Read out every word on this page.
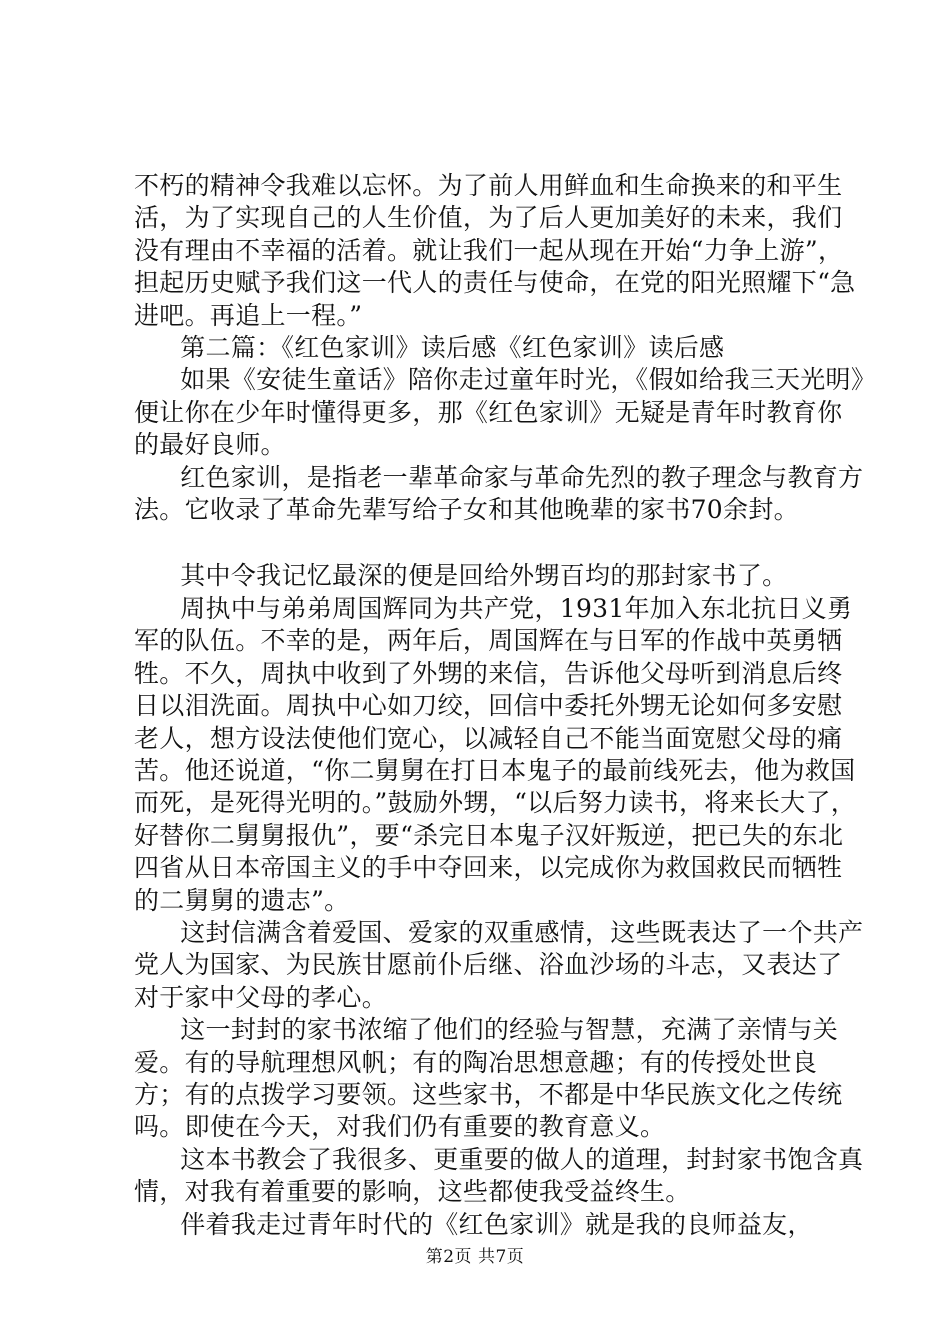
不朽的精神令我难以忘怀。为了前人用鲜血和生命换来的和平生活，为了实现自己的人生价值，为了后人更加美好的未来，我们没有理由不幸福的活着。就让我们一起从现在开始“力争上游”，担起历史赋予我们这一代人的责任与使命，在党的阳光照耀下“急进吧。再追上一程。”

第二篇：《红色家训》读后感《红色家训》读后感

如果《安徒生童话》陪你走过童年时光，《假如给我三天光明》便让你在少年时懂得更多，那《红色家训》无疑是青年时教育你的最好良师。

红色家训，是指老一辈革命家与革命先烈的教子理念与教育方法。它收录了革命先辈写给子女和其他晚辈的家书70余封。

其中令我记忆最深的便是回给外甥百均的那封家书了。

周执中与弟弟周国辉同为共产党，1931年加入东北抗日义勇军的队伍。不幸的是，两年后，周国辉在与日军的作战中英勇牺牲。不久，周执中收到了外甥的来信，告诉他父母听到消息后终日以泪洗面。周执中心如刀绞，回信中委托外甥无论如何多安慰老人，想方设法使他们宽心，以减轻自己不能当面宽慰父母的痛苦。他还说道，“你二舅舅在打日本鬼子的最前线死去，他为救国而死，是死得光明的。”鼓励外甥，“以后努力读书，将来长大了，好替你二舅舅报仇”，要“杀完日本鬼子汉奸叛逆，把已失的东北四省从日本帝国主义的手中夺回来，以完成你为救国救民而牺牲的二舅舅的遗志”。

这封信满含着爱国、爱家的双重感情，这些既表达了一个共产党人为国家、为民族甘愿前仆后继、浴血沙场的斗志，又表达了对于家中父母的孝心。

这一封封的家书浓缩了他们的经验与智慧，充满了亲情与关爱。有的导航理想风帆；有的陶冶思想意趣；有的传授处世良方；有的点拨学习要领。这些家书，不都是中华民族文化之传统吗。即使在今天，对我们仍有重要的教育意义。

这本书教会了我很多、更重要的做人的道理，封封家书饱含真情，对我有着重要的影响，这些都使我受益终生。

伴着我走过青年时代的《红色家训》就是我的良师益友，

第2页 共7页
